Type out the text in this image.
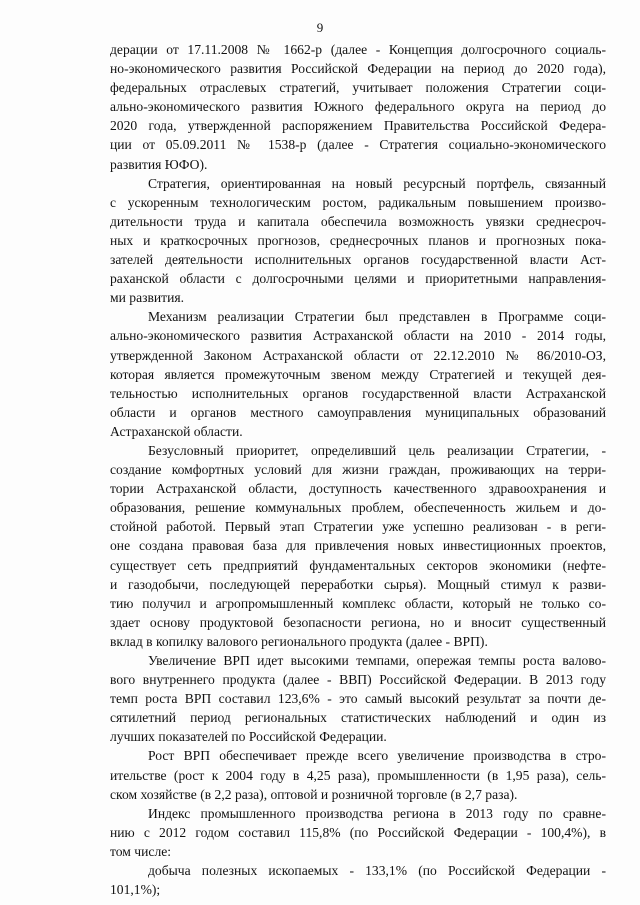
9
дерации от 17.11.2008 № 1662-р (далее - Концепция долгосрочного социаль-
но-экономического развития Российской Федерации на период до 2020 года),
федеральных отраслевых стратегий, учитывает положения Стратегии соци-
ально-экономического развития Южного федерального округа на период до
2020 года, утвержденной распоряжением Правительства Российской Федера-
ции от 05.09.2011 № 1538-р (далее - Стратегия социально-экономического
развития ЮФО).
Стратегия, ориентированная на новый ресурсный портфель, связанный
с ускоренным технологическим ростом, радикальным повышением произво-
дительности труда и капитала обеспечила возможность увязки среднесроч-
ных и краткосрочных прогнозов, среднесрочных планов и прогнозных пока-
зателей деятельности исполнительных органов государственной власти Аст-
раханской области с долгосрочными целями и приоритетными направления-
ми развития.
Механизм реализации Стратегии был представлен в Программе соци-
ально-экономического развития Астраханской области на 2010 - 2014 годы,
утвержденной Законом Астраханской области от 22.12.2010 № 86/2010-ОЗ,
которая является промежуточным звеном между Стратегией и текущей дея-
тельностью исполнительных органов государственной власти Астраханской
области и органов местного самоуправления муниципальных образований
Астраханской области.
Безусловный приоритет, определивший цель реализации Стратегии, -
создание комфортных условий для жизни граждан, проживающих на терри-
тории Астраханской области, доступность качественного здравоохранения и
образования, решение коммунальных проблем, обеспеченность жильем и до-
стойной работой. Первый этап Стратегии уже успешно реализован - в реги-
оне создана правовая база для привлечения новых инвестиционных проектов,
существует сеть предприятий фундаментальных секторов экономики (нефте-
и газодобычи, последующей переработки сырья). Мощный стимул к разви-
тию получил и агропромышленный комплекс области, который не только со-
здает основу продуктовой безопасности региона, но и вносит существенный
вклад в копилку валового регионального продукта (далее - ВРП).
Увеличение ВРП идет высокими темпами, опережая темпы роста валово-
вого внутреннего продукта (далее - ВВП) Российской Федерации. В 2013 году
темп роста ВРП составил 123,6% - это самый высокий результат за почти де-
сятилетний период региональных статистических наблюдений и один из
лучших показателей по Российской Федерации.
Рост ВРП обеспечивает прежде всего увеличение производства в стро-
ительстве (рост к 2004 году в 4,25 раза), промышленности (в 1,95 раза), сель-
ском хозяйстве (в 2,2 раза), оптовой и розничной торговле (в 2,7 раза).
Индекс промышленного производства региона в 2013 году по сравне-
нию с 2012 годом составил 115,8% (по Российской Федерации - 100,4%), в
том числе:
добыча полезных ископаемых - 133,1% (по Российской Федерации -
101,1%);
